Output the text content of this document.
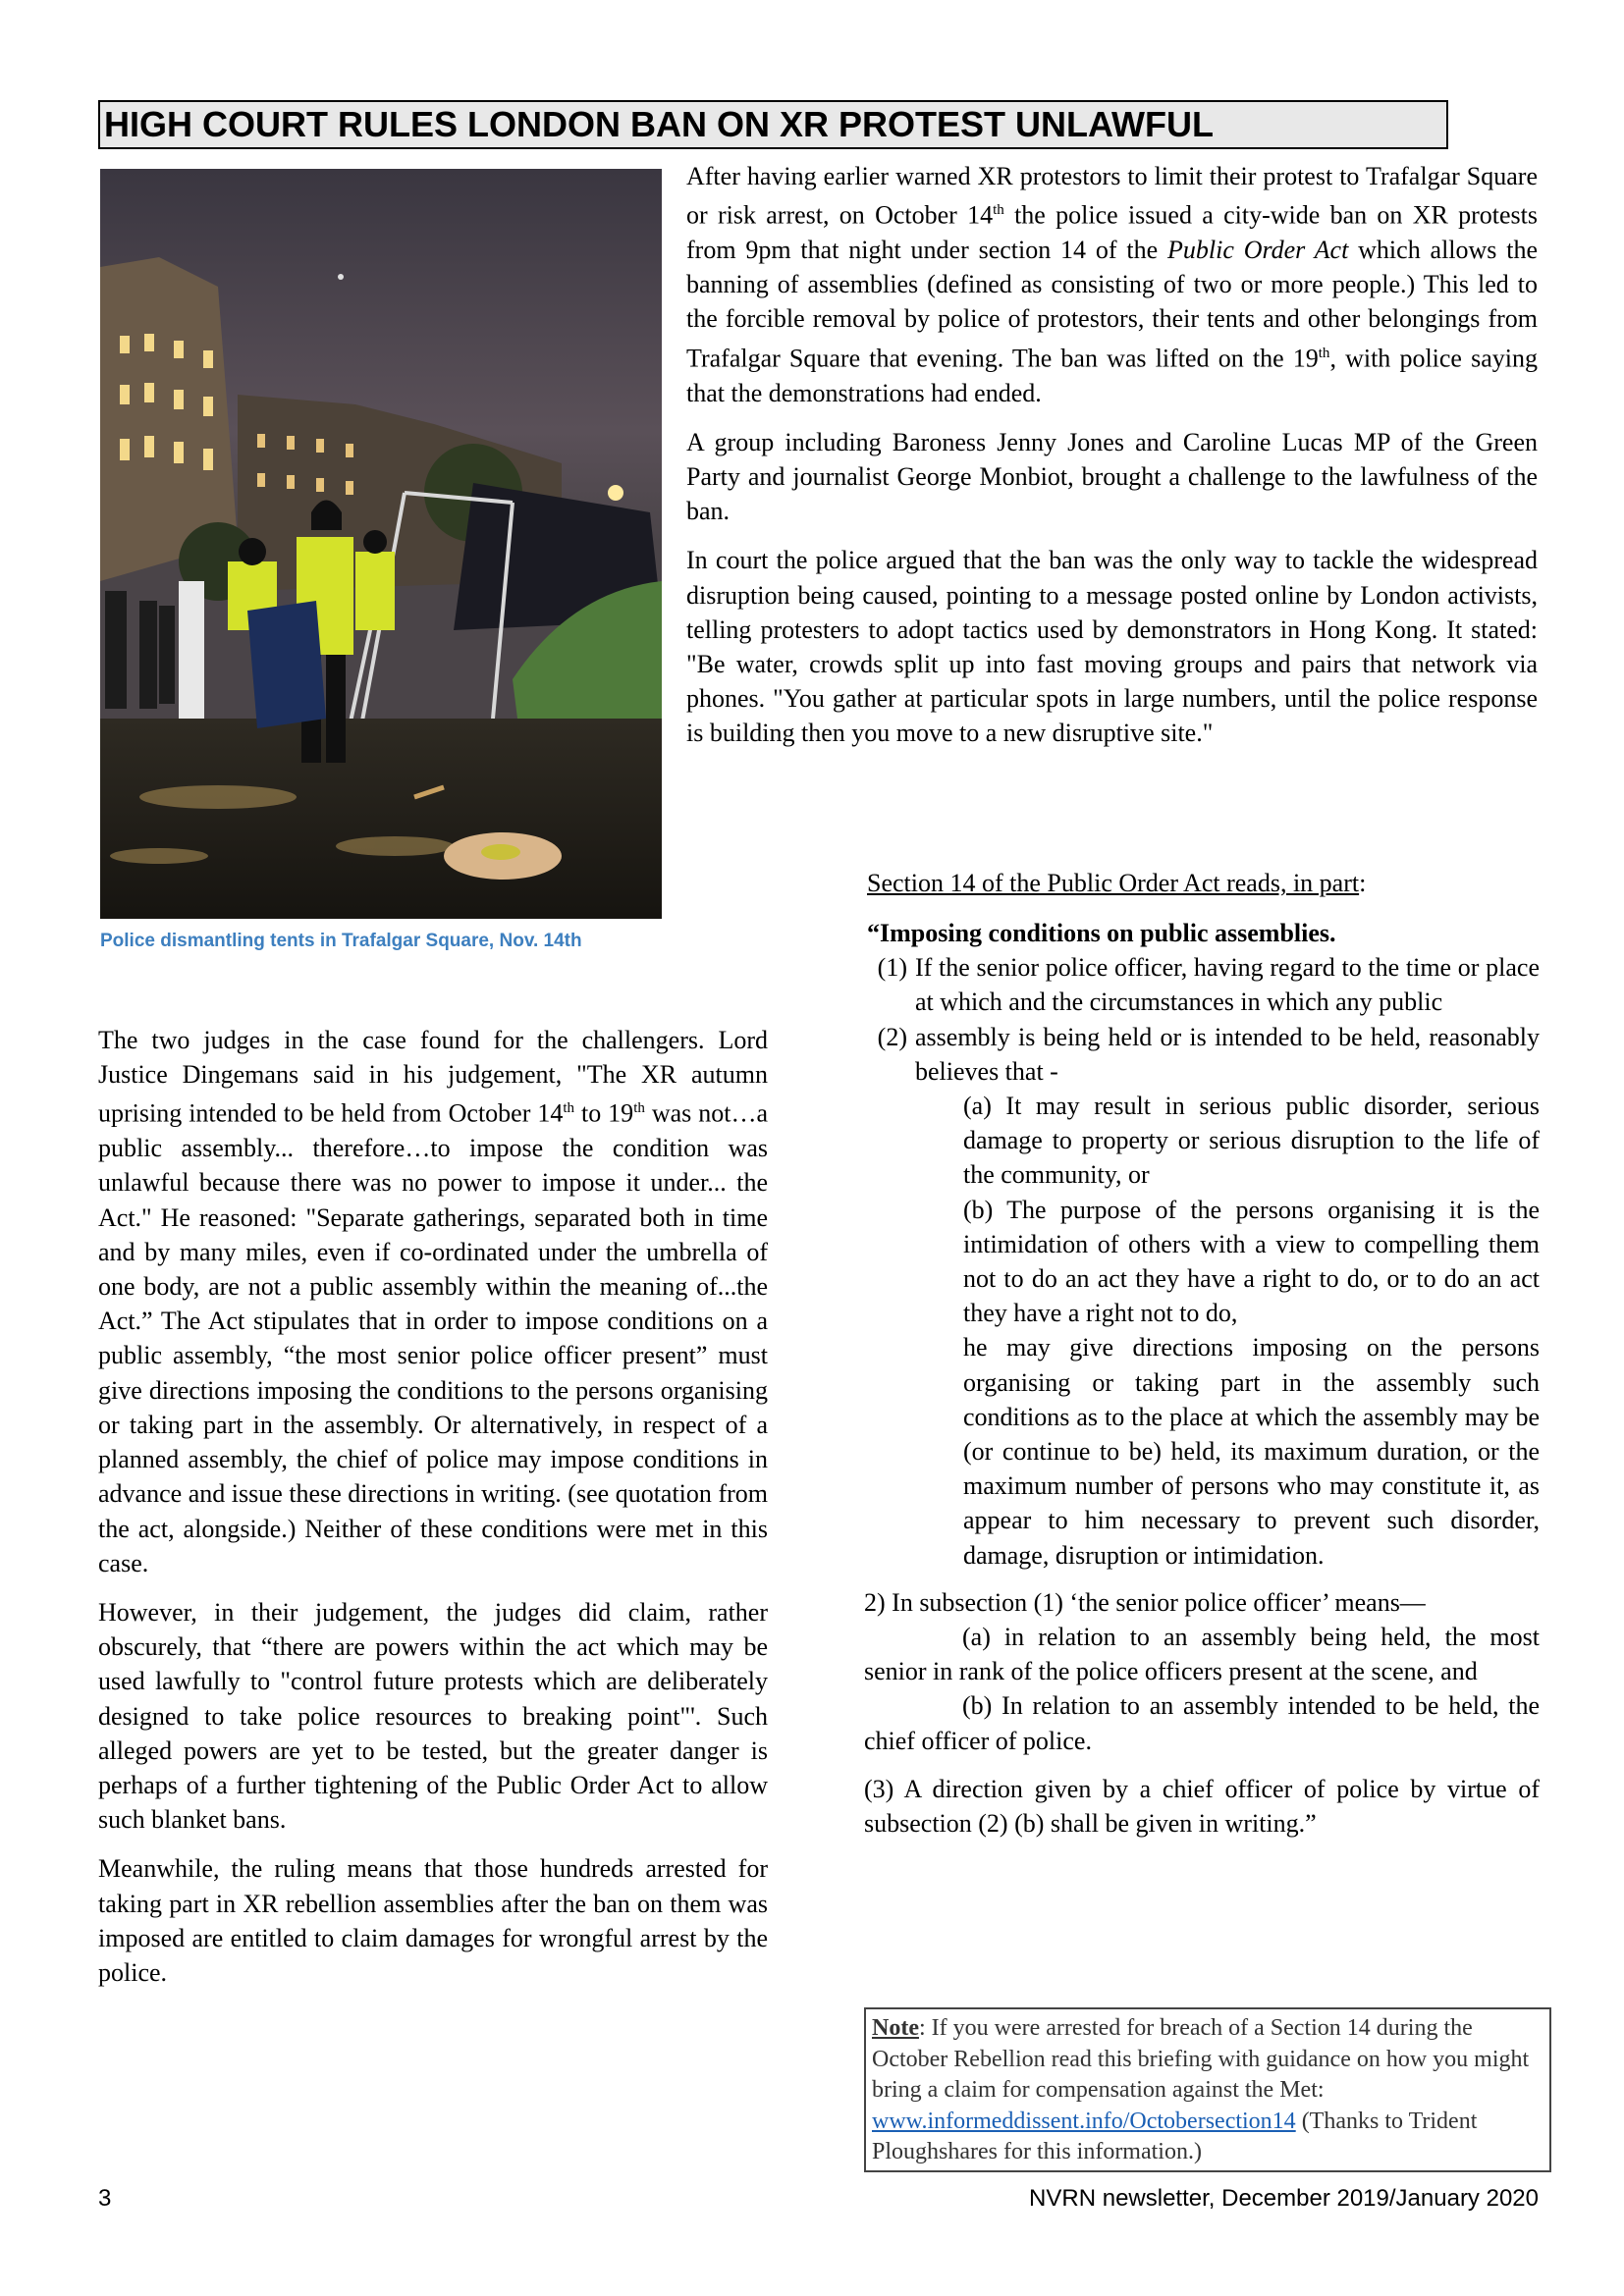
HIGH COURT RULES LONDON BAN ON XR PROTEST UNLAWFUL
Police dismantling tents in Trafalgar Square, Nov. 14th

After having earlier warned XR protestors to limit their protest to Trafalgar Square or risk arrest, on October 14th the police issued a city-wide ban on XR protests from 9pm that night under section 14 of the Public Order Act which allows the banning of assemblies (defined as consisting of two or more people.) This led to the forcible removal by police of protestors, their tents and other belongings from Trafalgar Square that evening. The ban was lifted on the 19th, with police saying that the demonstrations had ended.

A group including Baroness Jenny Jones and Caroline Lucas MP of the Green Party and journalist George Monbiot, brought a challenge to the lawfulness of the ban.

In court the police argued that the ban was the only way to tackle the widespread disruption being caused, pointing to a message posted online by London activists, telling protesters to adopt tactics used by demonstrators in Hong Kong. It stated: "Be water, crowds split up into fast moving groups and pairs that network via phones. "You gather at particular spots in large numbers, until the police response is building then you move to a new disruptive site."

The two judges in the case found for the challengers. Lord Justice Dingemans said in his judgement, "The XR autumn uprising intended to be held from October 14th to 19th was not…a public assembly... therefore…to impose the condition was unlawful because there was no power to impose it under... the Act." He reasoned: "Separate gatherings, separated both in time and by many miles, even if co-ordinated under the umbrella of one body, are not a public assembly within the meaning of...the Act.” The Act stipulates that in order to impose conditions on a public assembly, “the most senior police officer present” must give directions imposing the conditions to the persons organising or taking part in the assembly. Or alternatively, in respect of a planned assembly, the chief of police may impose conditions in advance and issue these directions in writing. (see quotation from the act, alongside.) Neither of these conditions were met in this case.

However, in their judgement, the judges did claim, rather obscurely, that “there are powers within the act which may be used lawfully to "control future protests which are deliberately designed to take police resources to breaking point"'. Such alleged powers are yet to be tested, but the greater danger is perhaps of a further tightening of the Public Order Act to allow such blanket bans.

Meanwhile, the ruling means that those hundreds arrested for taking part in XR rebellion assemblies after the ban on them was imposed are entitled to claim damages for wrongful arrest by the police.

Section 14 of the Public Order Act reads, in part:
“Imposing conditions on public assemblies.
(1) If the senior police officer, having regard to the time or place at which and the circumstances in which any public
(2) assembly is being held or is intended to be held, reasonably believes that -
(a) It may result in serious public disorder, serious damage to property or serious disruption to the life of the community, or
(b) The purpose of the persons organising it is the intimidation of others with a view to compelling them not to do an act they have a right to do, or to do an act they have a right not to do,
he may give directions imposing on the persons organising or taking part in the assembly such conditions as to the place at which the assembly may be (or continue to be) held, its maximum duration, or the maximum number of persons who may constitute it, as appear to him necessary to prevent such disorder, damage, disruption or intimidation.
2) In subsection (1) ‘the senior police officer’ means—
(a) in relation to an assembly being held, the most senior in rank of the police officers present at the scene, and
(b) In relation to an assembly intended to be held, the chief officer of police.
(3) A direction given by a chief officer of police by virtue of subsection (2) (b) shall be given in writing.”
Note: If you were arrested for breach of a Section 14 during the October Rebellion read this briefing with guidance on how you might bring a claim for compensation against the Met: www.informeddissent.info/Octobersection14 (Thanks to Trident Ploughshares for this information.)
3	NVRN newsletter, December 2019/January 2020
